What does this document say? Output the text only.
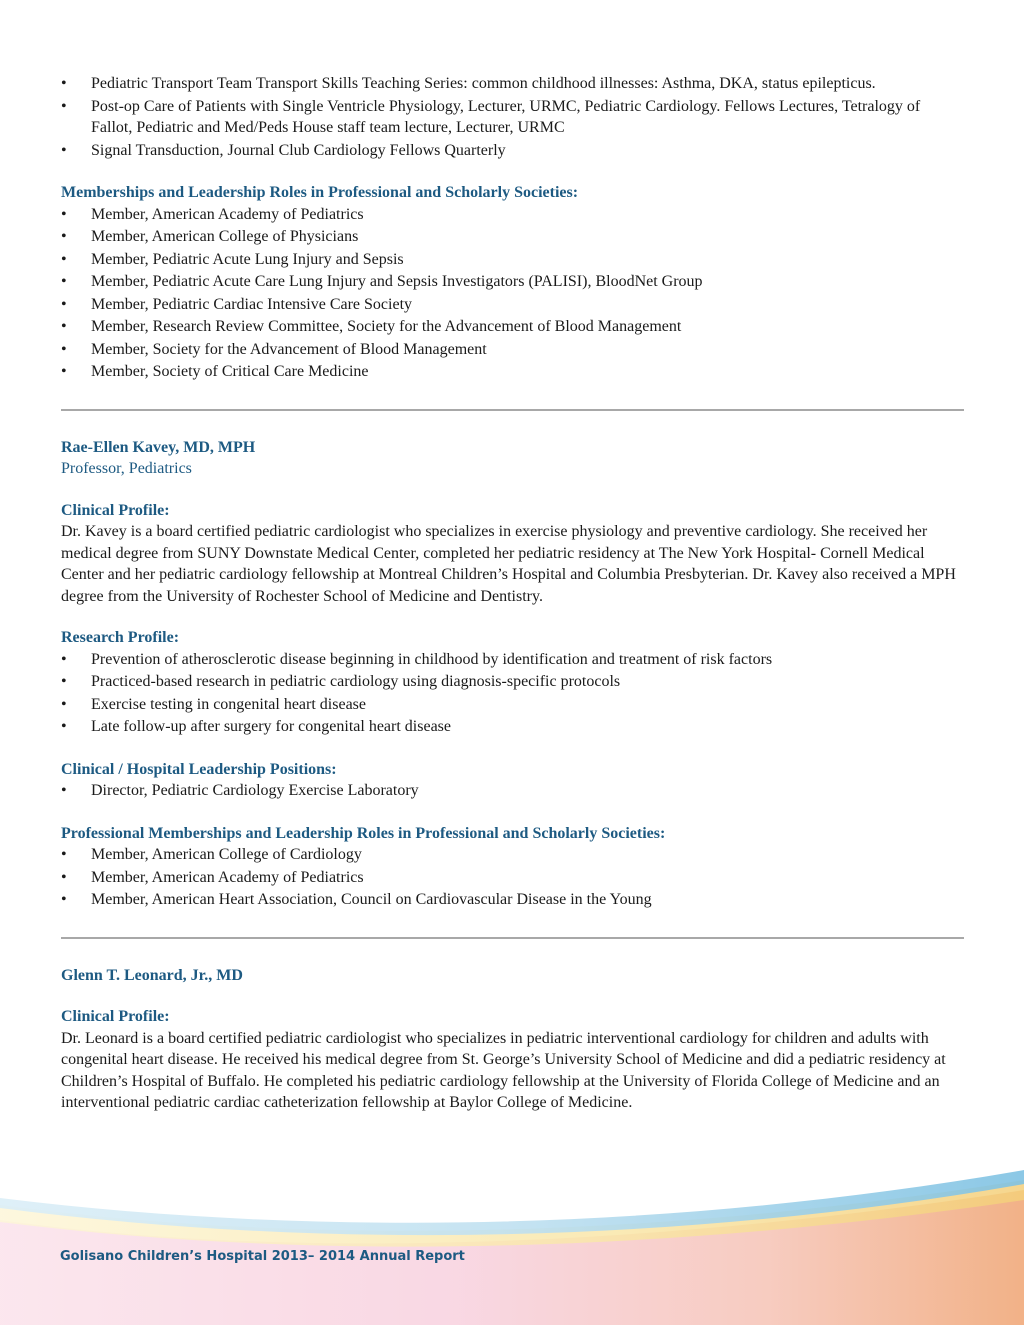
• Pediatric Transport Team Transport Skills Teaching Series: common childhood illnesses: Asthma, DKA, status epilepticus.
• Post-op Care of Patients with Single Ventricle Physiology, Lecturer, URMC, Pediatric Cardiology. Fellows Lectures, Tetralogy of Fallot, Pediatric and Med/Peds House staff team lecture, Lecturer, URMC
• Signal Transduction, Journal Club Cardiology Fellows Quarterly

Memberships and Leadership Roles in Professional and Scholarly Societies:

• Member, American Academy of Pediatrics
• Member, American College of Physicians
• Member, Pediatric Acute Lung Injury and Sepsis
• Member, Pediatric Acute Care Lung Injury and Sepsis Investigators (PALISI), BloodNet Group
• Member, Pediatric Cardiac Intensive Care Society
• Member, Research Review Committee, Society for the Advancement of Blood Management
• Member, Society for the Advancement of Blood Management
• Member, Society of Critical Care Medicine

Rae-Ellen Kavey, MD, MPH

Professor, Pediatrics

Clinical Profile:

Dr. Kavey is a board certified pediatric cardiologist who specializes in exercise physiology and preventive cardiology. She received her medical degree from SUNY Downstate Medical Center, completed her pediatric residency at The New York Hospital- Cornell Medical Center and her pediatric cardiology fellowship at Montreal Children’s Hospital and Columbia Presbyterian. Dr. Kavey also received a MPH degree from the University of Rochester School of Medicine and Dentistry.

Research Profile:

• Prevention of atherosclerotic disease beginning in childhood by identification and treatment of risk factors
• Practiced-based research in pediatric cardiology using diagnosis-specific protocols
• Exercise testing in congenital heart disease
• Late follow-up after surgery for congenital heart disease

Clinical / Hospital Leadership Positions:

• Director, Pediatric Cardiology Exercise Laboratory

Professional Memberships and Leadership Roles in Professional and Scholarly Societies:

• Member, American College of Cardiology
• Member, American Academy of Pediatrics
• Member, American Heart Association, Council on Cardiovascular Disease in the Young

Glenn T. Leonard, Jr., MD

Clinical Profile:

Dr. Leonard is a board certified pediatric cardiologist who specializes in pediatric interventional cardiology for children and adults with congenital heart disease. He received his medical degree from St. George’s University School of Medicine and did a pediatric residency at Children’s Hospital of Buffalo. He completed his pediatric cardiology fellowship at the University of Florida College of Medicine and an interventional pediatric cardiac catheterization fellowship at Baylor College of Medicine.
Golisano Children’s Hospital 2013– 2014 Annual Report
